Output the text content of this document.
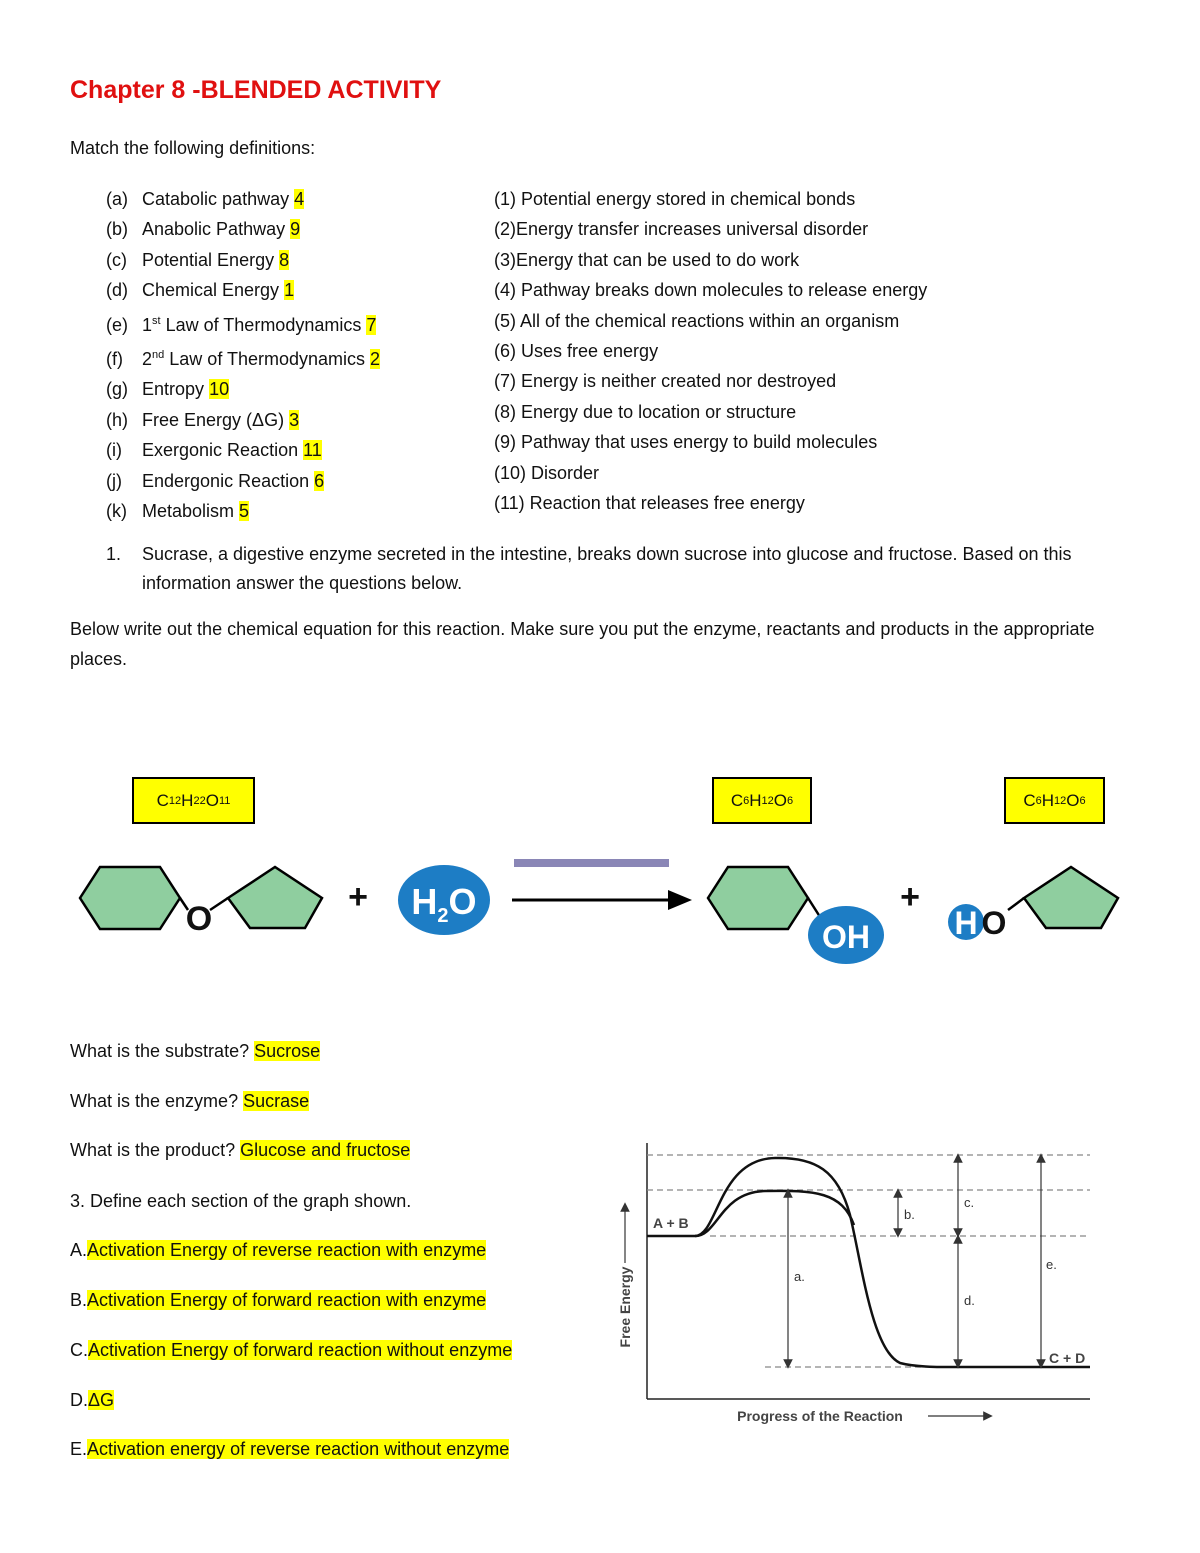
Chapter 8 -BLENDED ACTIVITY
Match the following definitions:
(a) Catabolic pathway 4
(b) Anabolic Pathway 9
(c) Potential Energy 8
(d) Chemical Energy 1
(e) 1st Law of Thermodynamics 7
(f) 2nd Law of Thermodynamics 2
(g) Entropy 10
(h) Free Energy (ΔG) 3
(i) Exergonic Reaction 11
(j) Endergonic Reaction 6
(k) Metabolism 5
(1) Potential energy stored in chemical bonds
(2)Energy transfer increases universal disorder
(3)Energy that can be used to do work
(4) Pathway breaks down molecules to release energy
(5) All of the chemical reactions within an organism
(6) Uses free energy
(7) Energy is neither created nor destroyed
(8) Energy due to location or structure
(9) Pathway that uses energy to build molecules
(10) Disorder
(11) Reaction that releases free energy
1. Sucrase, a digestive enzyme secreted in the intestine, breaks down sucrose into glucose and fructose. Based on this information answer the questions below.
Below write out the chemical equation for this reaction. Make sure you put the enzyme, reactants and products in the appropriate places.
C 12 H 22 O 11	C 6 H 12 O 6	C 6 H 12 O 6
O
+ $H_2O$
OH
+
H O
What is the substrate? Sucrose
What is the enzyme? Sucrase
What is the product? Glucose and fructose
3. Define each section of the graph shown.
A.Activation Energy of reverse reaction with enzyme
B.Activation Energy of forward reaction with enzyme
C.Activation Energy of forward reaction without enzyme
D.ΔG
E.Activation energy of reverse reaction without enzyme
a.
b.
c.
d.
e.
A + B
C + D
Free Energy
Progress of the Reaction
